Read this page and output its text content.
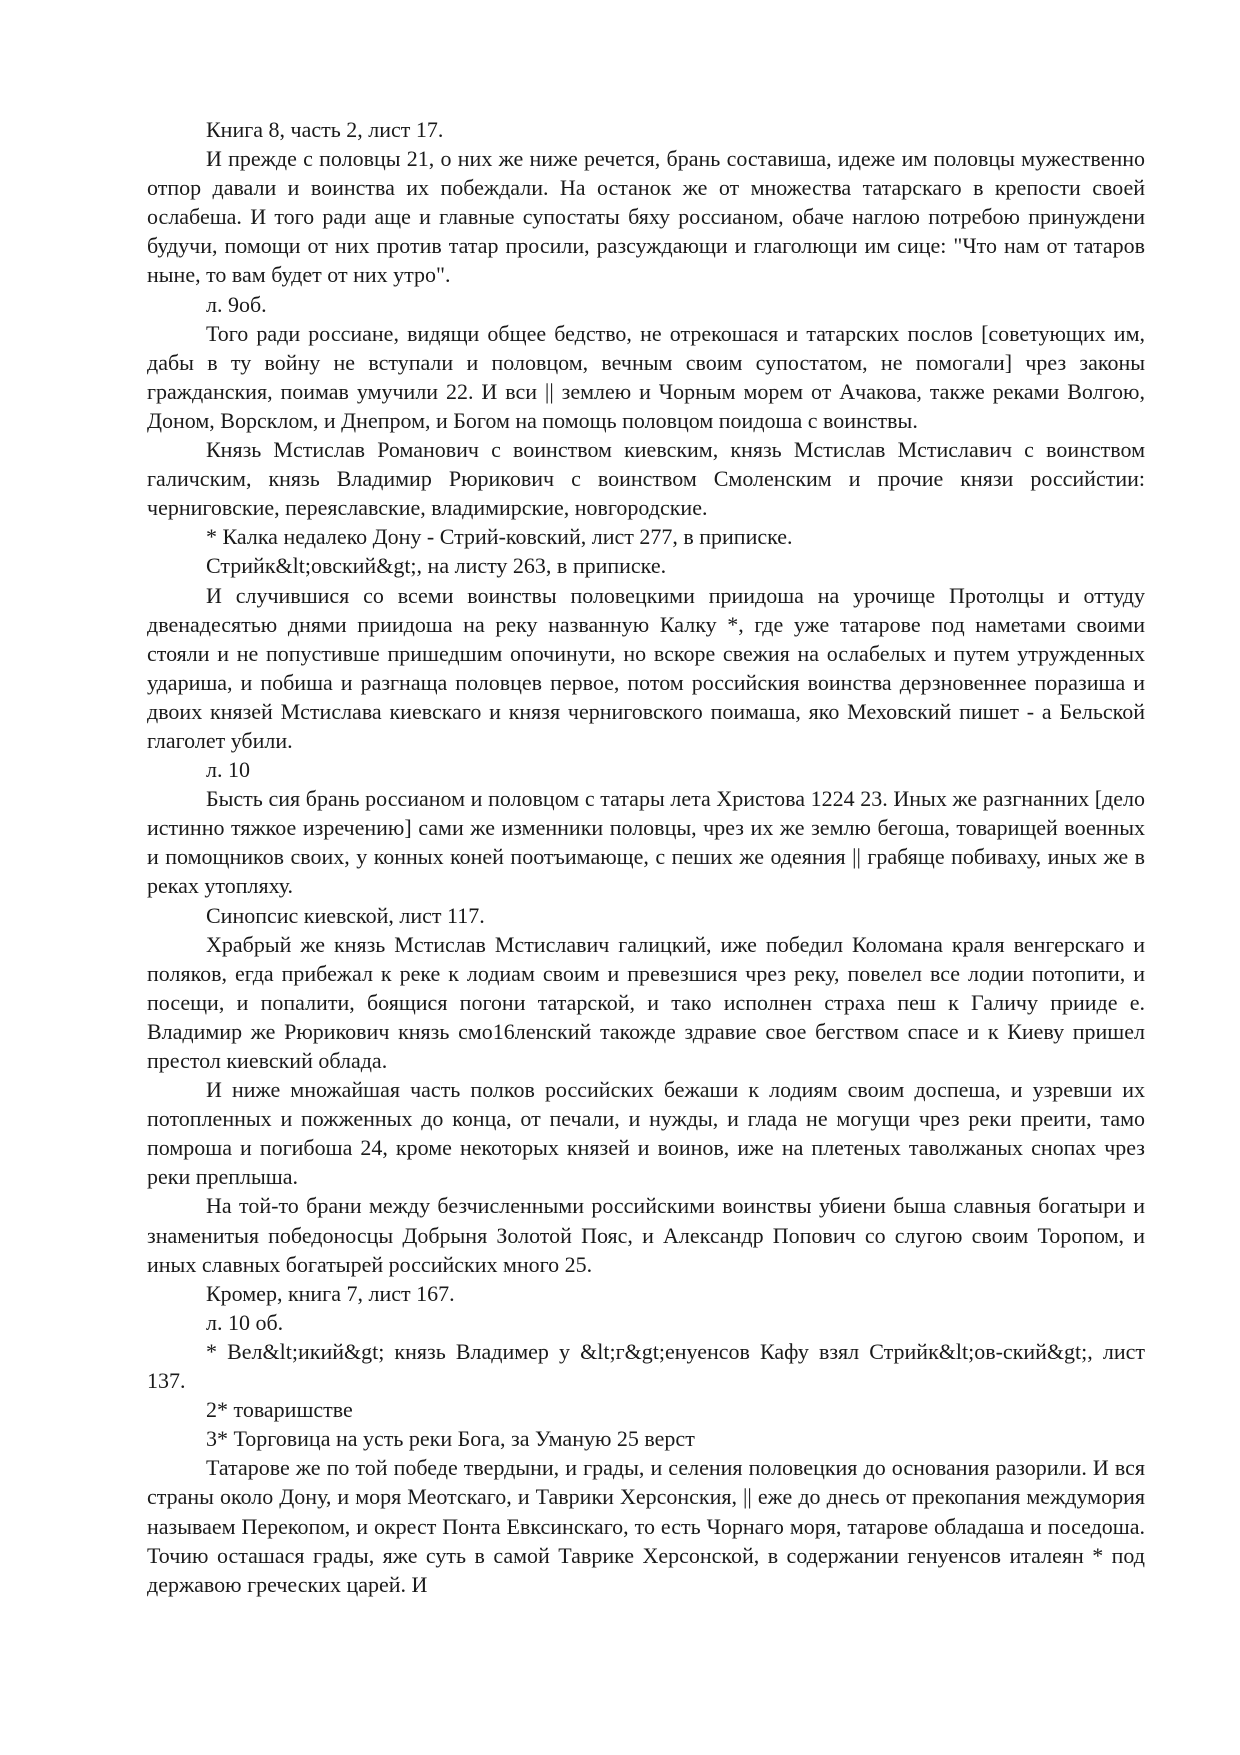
Книга 8, часть 2, лист 17.

И прежде с половцы 21, о них же ниже речется, брань составиша, идеже им половцы мужественно отпор давали и воинства их побеждали. На останок же от множества татарскаго в крепости своей ослабеша. И того ради аще и главные супостаты бяху россианом, обаче наглою потребою принуждени будучи, помощи от них против татар просили, разсуждающи и глаголющи им сице: "Что нам от татаров ныне, то вам будет от них утро".

л. 9об.

Того ради россиане, видящи общее бедство, не отрекошася и татарских послов [советующих им, дабы в ту войну не вступали и половцом, вечным своим супостатом, не помогали] чрез законы гражданския, поимав умучили 22. И вси || землею и Чорным морем от Ачакова, также реками Волгою, Доном, Ворсклом, и Днепром, и Богом на помощь половцом поидоша с воинствы.

Князь Мстислав Романович с воинством киевским, князь Мстислав Мстиславич с воинством галичским, князь Владимир Рюрикович с воинством Смоленским и прочие князи российстии: черниговские, переяславские, владимирские, новгородские.

* Калка недалеко Дону - Стрий-ковский, лист 277, в приписке.

Стрийк&lt;овский&gt;, на листу 263, в приписке.

И случившися со всеми воинствы половецкими приидоша на урочище Протолцы и оттуду двенадесятью днями приидоша на реку названную Калку *, где уже татарове под наметами своими стояли и не попустивше пришедшим опочинути, но вскоре свежия на ослабелых и путем утружденных удариша, и побиша и разгнаща половцев первое, потом российския воинства дерзновеннее поразиша и двоих князей Мстислава киевскаго и князя черниговского поимаша, яко Меховский пишет - а Бельской глаголет убили.

л. 10

Бысть сия брань россианом и половцом с татары лета Христова 1224 23. Иных же разгнанних [дело истинно тяжкое изречению] сами же изменники половцы, чрез их же землю бегоша, товарищей военных и помощников своих, у конных коней поотъимающе, с пеших же одеяния || грабяще побиваху, иных же в реках утопляху.

Синопсис киевской, лист 117.

Храбрый же князь Мстислав Мстиславич галицкий, иже победил Коломана краля венгерскаго и поляков, егда прибежал к реке к лодиам своим и превезшися чрез реку, повелел все лодии потопити, и посещи, и попалити, боящися погони татарской, и тако исполнен страха пеш к Галичу прииде е. Владимир же Рюрикович князь смо16ленский такожде здравие свое бегством спасе и к Киеву пришел престол киевский облада.

И ниже множайшая часть полков российских бежаши к лодиям своим доспеша, и узревши их потопленных и пожженных до конца, от печали, и нужды, и глада не могущи чрез реки преити, тамо помроша и погибоша 24, кроме некоторых князей и воинов, иже на плетеных таволжаных снопах чрез реки преплыша.

На той-то брани между безчисленными российскими воинствы убиени быша славныя богатыри и знаменитыя победоносцы Добрыня Золотой Пояс, и Александр Попович со слугою своим Торопом, и иных славных богатырей российских много 25.

Кромер, книга 7, лист 167.

л. 10 об.

* Вел&lt;икий&gt; князь Владимер у &lt;г&gt;енуенсов Кафу взял Стрийк&lt;ов-ский&gt;, лист 137.

2* товаришстве

3* Торговица на усть реки Бога, за Уманую 25 верст

Татарове же по той победе твердыни, и грады, и селения половецкия до основания разорили. И вся страны около Дону, и моря Меотскаго, и Таврики Херсонския, || еже до днесь от прекопания междумория называем Перекопом, и окрест Понта Евксинскаго, то есть Чорнаго моря, татарове обладаша и поседоша. Точию осташася грады, яже суть в самой Таврике Херсонской, в содержании генуенсов италеян * под державою греческих царей. И
